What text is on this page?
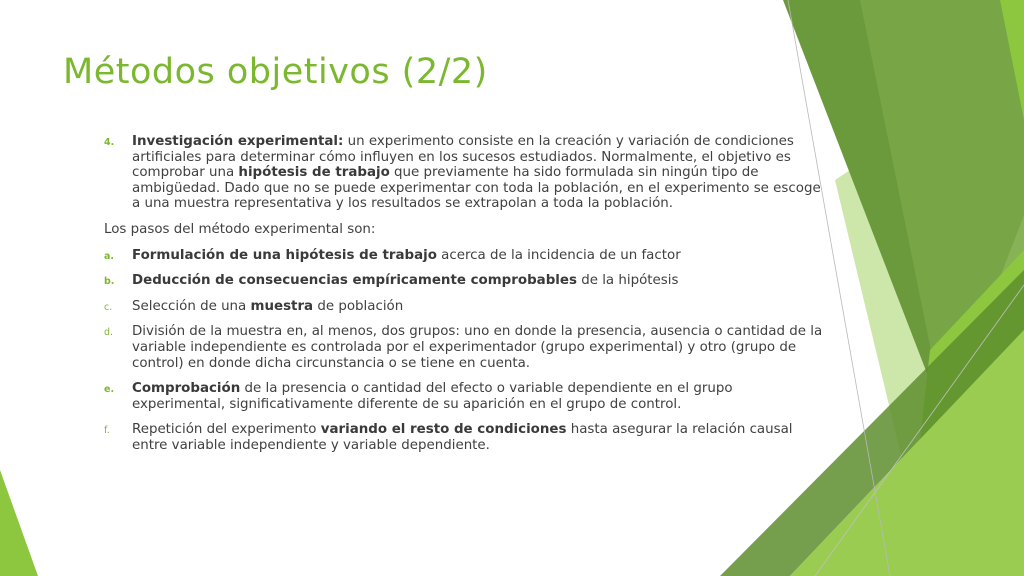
Métodos objetivos (2/2)
4. Investigación experimental: un experimento consiste en la creación y variación de condiciones artificiales para determinar cómo influyen en los sucesos estudiados. Normalmente, el objetivo es comprobar una hipótesis de trabajo que previamente ha sido formulada sin ningún tipo de ambigüedad. Dado que no se puede experimentar con toda la población, en el experimento se escoge a una muestra representativa y los resultados se extrapolan a toda la población.
Los pasos del método experimental son:
a. Formulación de una hipótesis de trabajo acerca de la incidencia de un factor
b. Deducción de consecuencias empíricamente comprobables de la hipótesis
c. Selección de una muestra de población
d. División de la muestra en, al menos, dos grupos: uno en donde la presencia, ausencia o cantidad de la variable independiente es controlada por el experimentador (grupo experimental) y otro (grupo de control) en donde dicha circunstancia o se tiene en cuenta.
e. Comprobación de la presencia o cantidad del efecto o variable dependiente en el grupo experimental, significativamente diferente de su aparición en el grupo de control.
f. Repetición del experimento variando el resto de condiciones hasta asegurar la relación causal entre variable independiente y variable dependiente.
